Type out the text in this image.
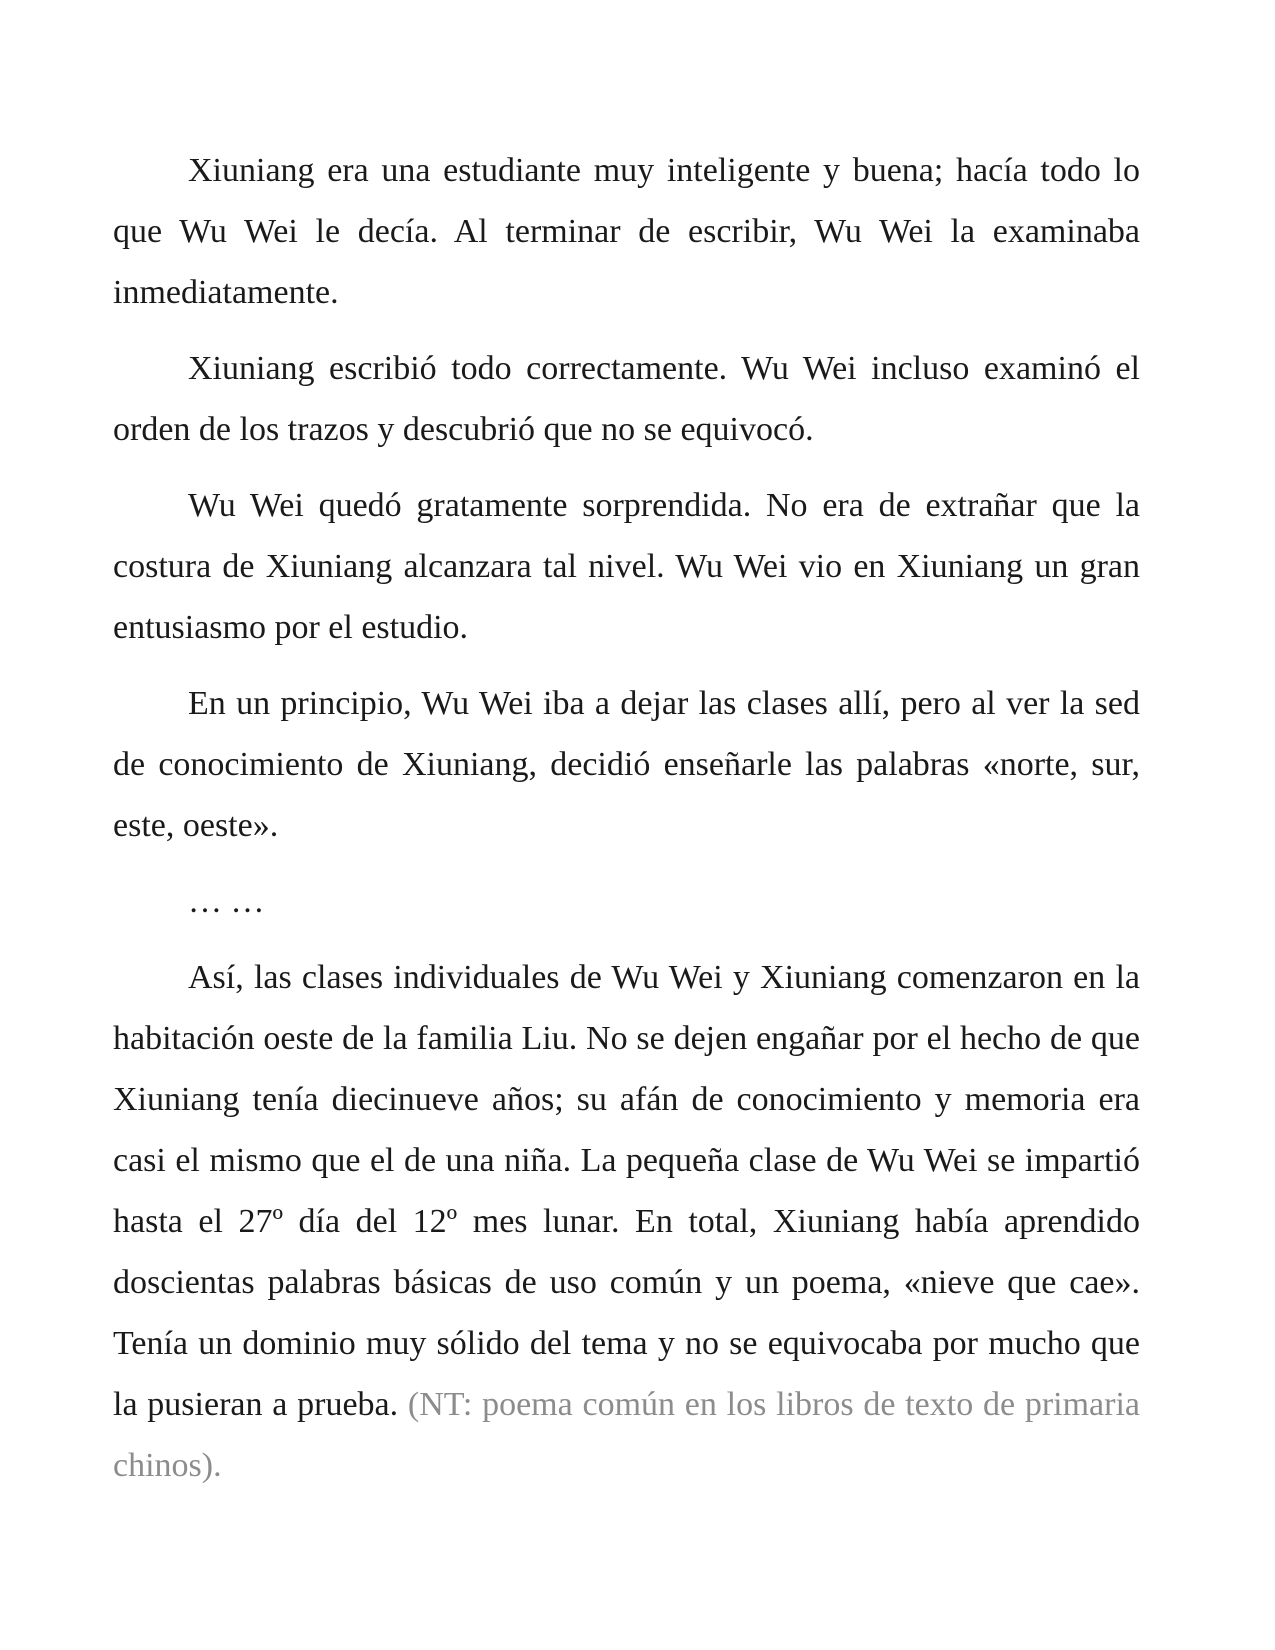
Xiuniang era una estudiante muy inteligente y buena; hacía todo lo que Wu Wei le decía. Al terminar de escribir, Wu Wei la examinaba inmediatamente.

Xiuniang escribió todo correctamente. Wu Wei incluso examinó el orden de los trazos y descubrió que no se equivocó.

Wu Wei quedó gratamente sorprendida. No era de extrañar que la costura de Xiuniang alcanzara tal nivel. Wu Wei vio en Xiuniang un gran entusiasmo por el estudio.

En un principio, Wu Wei iba a dejar las clases allí, pero al ver la sed de conocimiento de Xiuniang, decidió enseñarle las palabras «norte, sur, este, oeste».

… …

Así, las clases individuales de Wu Wei y Xiuniang comenzaron en la habitación oeste de la familia Liu. No se dejen engañar por el hecho de que Xiuniang tenía diecinueve años; su afán de conocimiento y memoria era casi el mismo que el de una niña. La pequeña clase de Wu Wei se impartió hasta el 27º día del 12º mes lunar. En total, Xiuniang había aprendido doscientas palabras básicas de uso común y un poema, «nieve que cae». Tenía un dominio muy sólido del tema y no se equivocaba por mucho que la pusieran a prueba. (NT: poema común en los libros de texto de primaria chinos).
